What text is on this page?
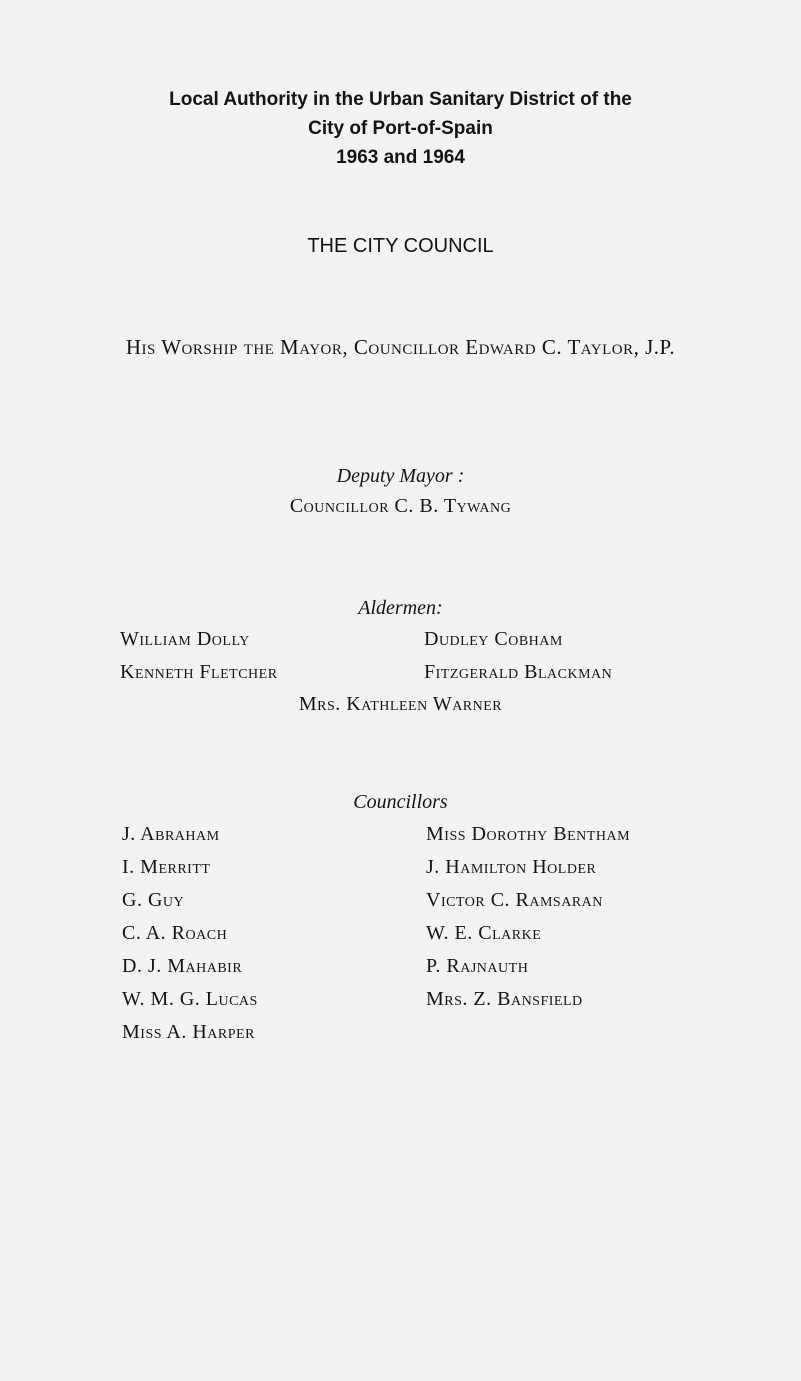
Local Authority in the Urban Sanitary District of the
City of Port-of-Spain
1963 and 1964
THE CITY COUNCIL
His Worship the Mayor, Councillor Edward C. Taylor, J.P.
Deputy Mayor :
Councillor C. B. Tywang
Aldermen:
William Dolly	Dudley Cobham
Kenneth Fletcher	Fitzgerald Blackman
Mrs. Kathleen Warner
Councillors
J. Abraham
I. Merritt
G. Guy
C. A. Roach
D. J. Mahabir
W. M. G. Lucas
Miss A. Harper
Miss Dorothy Bentham
J. Hamilton Holder
Victor C. Ramsaran
W. E. Clarke
P. Rajnauth
Mrs. Z. Bansfield
